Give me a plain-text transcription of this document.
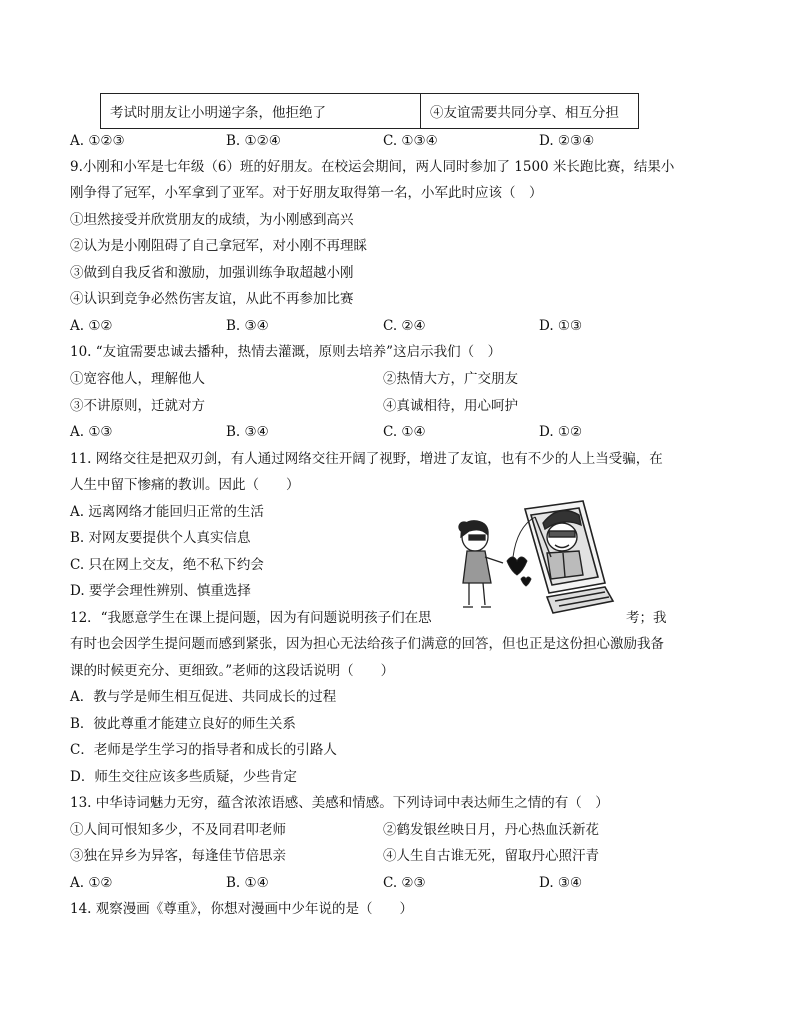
考试时朋友让小明递字条，他拒绝了	④友谊需要共同分享、相互分担
A. ①②③	B. ①②④	C. ①③④	D. ②③④
9.小刚和小军是七年级（6）班的好朋友。在校运会期间，两人同时参加了 1500 米长跑比赛，结果小
刚争得了冠军，小军拿到了亚军。对于好朋友取得第一名，小军此时应该（　）
①坦然接受并欣赏朋友的成绩，为小刚感到高兴
②认为是小刚阻碍了自己拿冠军，对小刚不再理睬
③做到自我反省和激励，加强训练争取超越小刚
④认识到竞争必然伤害友谊，从此不再参加比赛
A. ①②	B. ③④	C. ②④	D. ①③
10. “友谊需要忠诚去播种，热情去灌溉，原则去培养”这启示我们（　）
①宽容他人，理解他人	②热情大方，广交朋友
③不讲原则，迁就对方	④真诚相待，用心呵护
A. ①③	B. ③④	C. ①④	D. ①②
11. 网络交往是把双刃剑，有人通过网络交往开阔了视野，增进了友谊，也有不少的人上当受骗，在
人生中留下惨痛的教训。因此（　　）
A. 远离网络才能回归正常的生活
B. 对网友要提供个人真实信息
C. 只在网上交友，绝不私下约会
D. 要学会理性辨别、慎重选择
12．“我愿意学生在课上提问题，因为有问题说明孩子们在思	考；我
有时也会因学生提问题而感到紧张，因为担心无法给孩子们满意的回答，但也正是这份担心激励我备
课的时候更充分、更细致。”老师的这段话说明（　　）
A．教与学是师生相互促进、共同成长的过程
B．彼此尊重才能建立良好的师生关系
C．老师是学生学习的指导者和成长的引路人
D．师生交往应该多些质疑，少些肯定
13. 中华诗词魅力无穷，蕴含浓浓语感、美感和情感。下列诗词中表达师生之情的有（　）
①人间可恨知多少，不及同君叩老师	②鹤发银丝映日月，丹心热血沃新花
③独在异乡为异客，每逢佳节倍思亲	④人生自古谁无死，留取丹心照汗青
A. ①②	B. ①④	C. ②③	D. ③④
14. 观察漫画《尊重》，你想对漫画中少年说的是（　　）
